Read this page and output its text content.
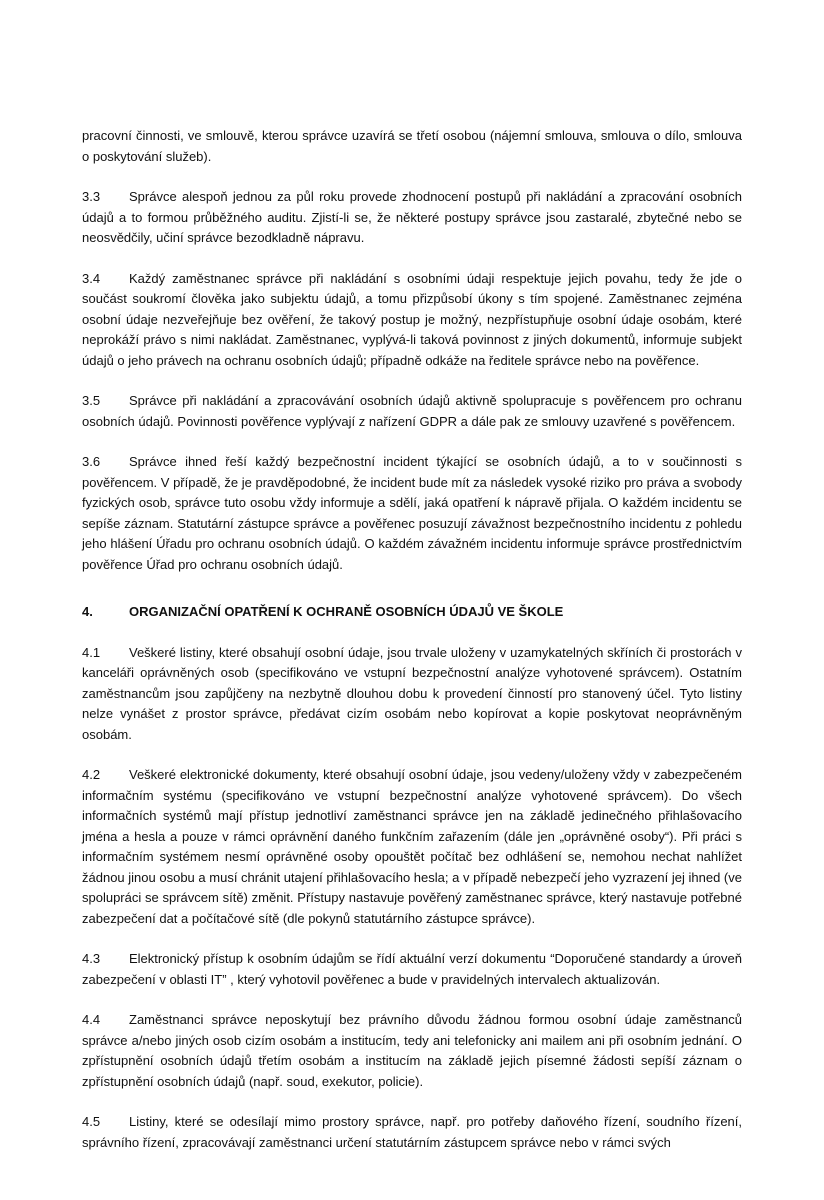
pracovní činnosti, ve smlouvě, kterou správce uzavírá se třetí osobou (nájemní smlouva, smlouva o dílo, smlouva o poskytování služeb).

3.3 Správce alespoň jednou za půl roku provede zhodnocení postupů při nakládání a zpracování osobních údajů a to formou průběžného auditu. Zjistí-li se, že některé postupy správce jsou zastaralé, zbytečné nebo se neosvědčily, učiní správce bezodkladně nápravu.

3.4 Každý zaměstnanec správce při nakládání s osobními údaji respektuje jejich povahu, tedy že jde o součást soukromí člověka jako subjektu údajů, a tomu přizpůsobí úkony s tím spojené. Zaměstnanec zejména osobní údaje nezveřejňuje bez ověření, že takový postup je možný, nezpřístupňuje osobní údaje osobám, které neprokáží právo s nimi nakládat. Zaměstnanec, vyplývá-li taková povinnost z jiných dokumentů, informuje subjekt údajů o jeho právech na ochranu osobních údajů; případně odkáže na ředitele správce nebo na pověřence.

3.5 Správce při nakládání a zpracovávání osobních údajů aktivně spolupracuje s pověřencem pro ochranu osobních údajů. Povinnosti pověřence vyplývají z nařízení GDPR a dále pak ze smlouvy uzavřené s pověřencem.

3.6 Správce ihned řeší každý bezpečnostní incident týkající se osobních údajů, a to v součinnosti s pověřencem. V případě, že je pravděpodobné, že incident bude mít za následek vysoké riziko pro práva a svobody fyzických osob, správce tuto osobu vždy informuje a sdělí, jaká opatření k nápravě přijala. O každém incidentu se sepíše záznam. Statutární zástupce správce a pověřenec posuzují závažnost bezpečnostního incidentu z pohledu jeho hlášení Úřadu pro ochranu osobních údajů. O každém závažném incidentu informuje správce prostřednictvím pověřence Úřad pro ochranu osobních údajů.

4.	ORGANIZAČNÍ OPATŘENÍ K OCHRANĚ OSOBNÍCH ÚDAJŮ VE ŠKOLE

4.1 Veškeré listiny, které obsahují osobní údaje, jsou trvale uloženy v uzamykatelných skříních či prostorách v kanceláři oprávněných osob (specifikováno ve vstupní bezpečnostní analýze vyhotovené správcem). Ostatním zaměstnancům jsou zapůjčeny na nezbytně dlouhou dobu k provedení činností pro stanovený účel. Tyto listiny nelze vynášet z prostor správce, předávat cizím osobám nebo kopírovat a kopie poskytovat neoprávněným osobám.

4.2 Veškeré elektronické dokumenty, které obsahují osobní údaje, jsou vedeny/uloženy vždy v zabezpečeném informačním systému (specifikováno ve vstupní bezpečnostní analýze vyhotovené správcem). Do všech informačních systémů mají přístup jednotliví zaměstnanci správce jen na základě jedinečného přihlašovacího jména a hesla a pouze v rámci oprávnění daného funkčním zařazením (dále jen „oprávněné osoby“). Při práci s informačním systémem nesmí oprávněné osoby opouštět počítač bez odhlášení se, nemohou nechat nahlížet žádnou jinou osobu a musí chránit utajení přihlašovacího hesla; a v případě nebezpečí jeho vyzrazení jej ihned (ve spolupráci se správcem sítě) změnit. Přístupy nastavuje pověřený zaměstnanec správce, který nastavuje potřebné zabezpečení dat a počítačové sítě (dle pokynů statutárního zástupce správce).

4.3 Elektronický přístup k osobním údajům se řídí aktuální verzí dokumentu “Doporučené standardy a úroveň zabezpečení v oblasti IT” , který vyhotovil pověřenec a bude v pravidelných intervalech aktualizován.

4.4 Zaměstnanci správce neposkytují bez právního důvodu žádnou formou osobní údaje zaměstnanců správce a/nebo jiných osob cizím osobám a institucím, tedy ani telefonicky ani mailem ani při osobním jednání. O zpřístupnění osobních údajů třetím osobám a institucím na základě jejich písemné žádosti sepíší záznam o zpřístupnění osobních údajů (např. soud, exekutor, policie).

4.5 Listiny, které se odesílají mimo prostory správce, např. pro potřeby daňového řízení, soudního řízení, správního řízení, zpracovávají zaměstnanci určení statutárním zástupcem správce nebo v rámci svých
